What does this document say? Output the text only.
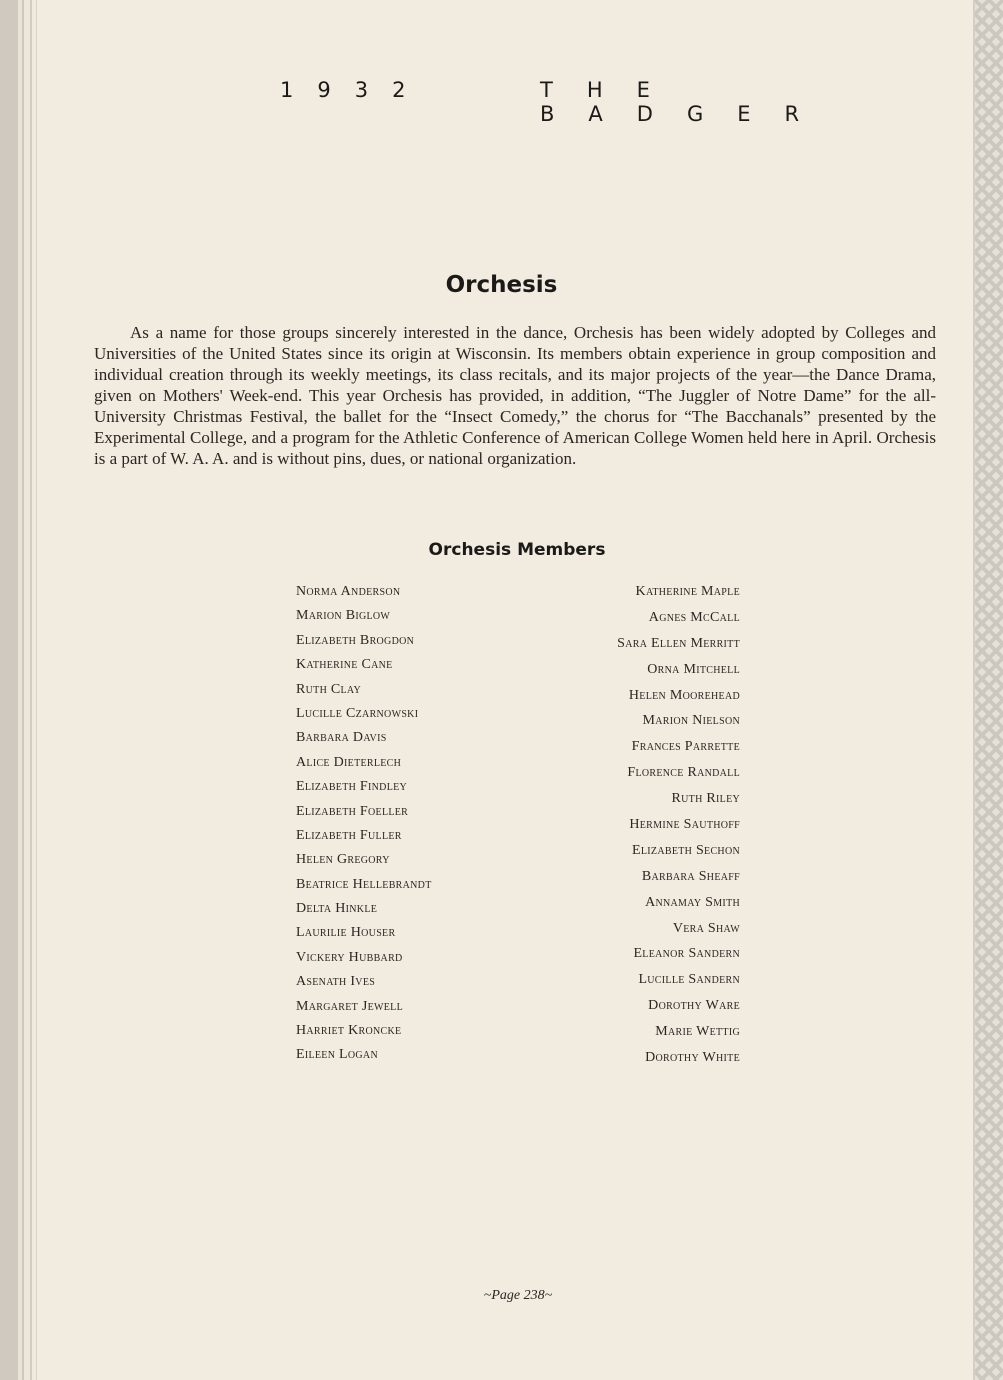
1932	THE BADGER
Orchesis

As a name for those groups sincerely interested in the dance, Orchesis has been widely adopted by Colleges and Universities of the United States since its origin at Wisconsin. Its members obtain experience in group composition and individual creation through its weekly meetings, its class recitals, and its major projects of the year—the Dance Drama, given on Mothers' Week-end. This year Orchesis has provided, in addition, “The Juggler of Notre Dame” for the all-University Christmas Festival, the ballet for the “Insect Comedy,” the chorus for “The Bacchanals” presented by the Experimental College, and a program for the Athletic Conference of American College Women held here in April. Orchesis is a part of W. A. A. and is without pins, dues, or national organization.

Orchesis Members
Norma Anderson
Marion Biglow
Elizabeth Brogdon
Katherine Cane
Ruth Clay
Lucille Czarnowski
Barbara Davis
Alice Dieterlech
Elizabeth Findley
Elizabeth Foeller
Elizabeth Fuller
Helen Gregory
Beatrice Hellebrandt
Delta Hinkle
Laurilie Houser
Vickery Hubbard
Asenath Ives
Margaret Jewell
Harriet Kroncke
Eileen Logan
Katherine Maple
Agnes McCall
Sara Ellen Merritt
Orna Mitchell
Helen Moorehead
Marion Nielson
Frances Parrette
Florence Randall
Ruth Riley
Hermine Sauthoff
Elizabeth Sechon
Barbara Sheaff
Annamay Smith
Vera Shaw
Eleanor Sandern
Lucille Sandern
Dorothy Ware
Marie Wettig
Dorothy White
~Page 238~
